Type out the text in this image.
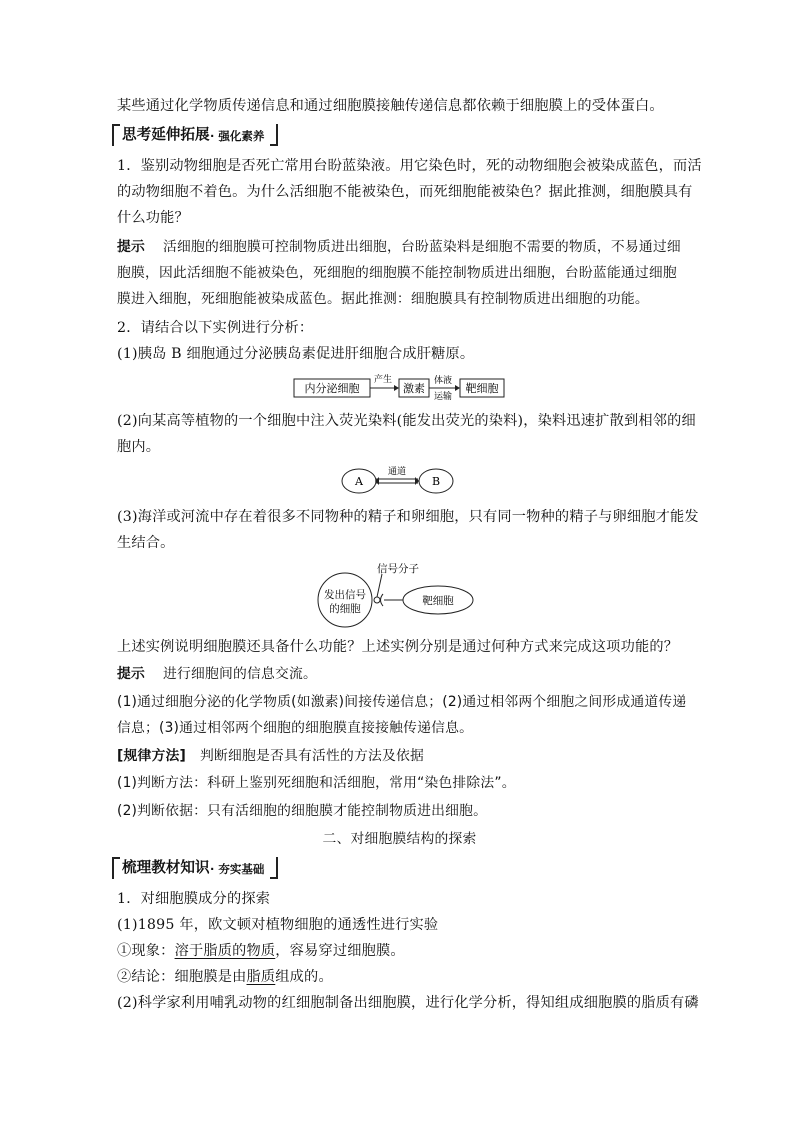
某些通过化学物质传递信息和通过细胞膜接触传递信息都依赖于细胞膜上的受体蛋白。
思考延伸拓展 · 强化素养
1．鉴别动物细胞是否死亡常用台盼蓝染液。用它染色时，死的动物细胞会被染成蓝色，而活
的动物细胞不着色。为什么活细胞不能被染色，而死细胞能被染色？据此推测，细胞膜具有
什么功能？
提示 活细胞的细胞膜可控制物质进出细胞，台盼蓝染料是细胞不需要的物质，不易通过细
胞膜，因此活细胞不能被染色，死细胞的细胞膜不能控制物质进出细胞，台盼蓝能通过细胞
膜进入细胞，死细胞能被染成蓝色。据此推测：细胞膜具有控制物质进出细胞的功能。
2．请结合以下实例进行分析：
(1)胰岛 B 细胞通过分泌胰岛素促进肝细胞合成肝糖原。
内分泌细胞
产生
激素
体液
运输
靶细胞
(2)向某高等植物的一个细胞中注入荧光染料(能发出荧光的染料)，染料迅速扩散到相邻的细
胞内。
A
通道
B
(3)海洋或河流中存在着很多不同物种的精子和卵细胞，只有同一物种的精子与卵细胞才能发
生结合。
发出信号
的细胞
信号分子
靶细胞
上述实例说明细胞膜还具备什么功能？上述实例分别是通过何种方式来完成这项功能的？
提示 进行细胞间的信息交流。
(1)通过细胞分泌的化学物质(如激素)间接传递信息；(2)通过相邻两个细胞之间形成通道传递
信息；(3)通过相邻两个细胞的细胞膜直接接触传递信息。
[规律方法] 判断细胞是否具有活性的方法及依据
(1)判断方法：科研上鉴别死细胞和活细胞，常用“染色排除法”。
(2)判断依据：只有活细胞的细胞膜才能控制物质进出细胞。
二、对细胞膜结构的探索
梳理教材知识 · 夯实基础
1．对细胞膜成分的探索
(1)1895 年，欧文顿对植物细胞的通透性进行实验
①现象：溶于脂质的物质，容易穿过细胞膜。
②结论：细胞膜是由脂质组成的。
(2)科学家利用哺乳动物的红细胞制备出细胞膜，进行化学分析，得知组成细胞膜的脂质有磷
